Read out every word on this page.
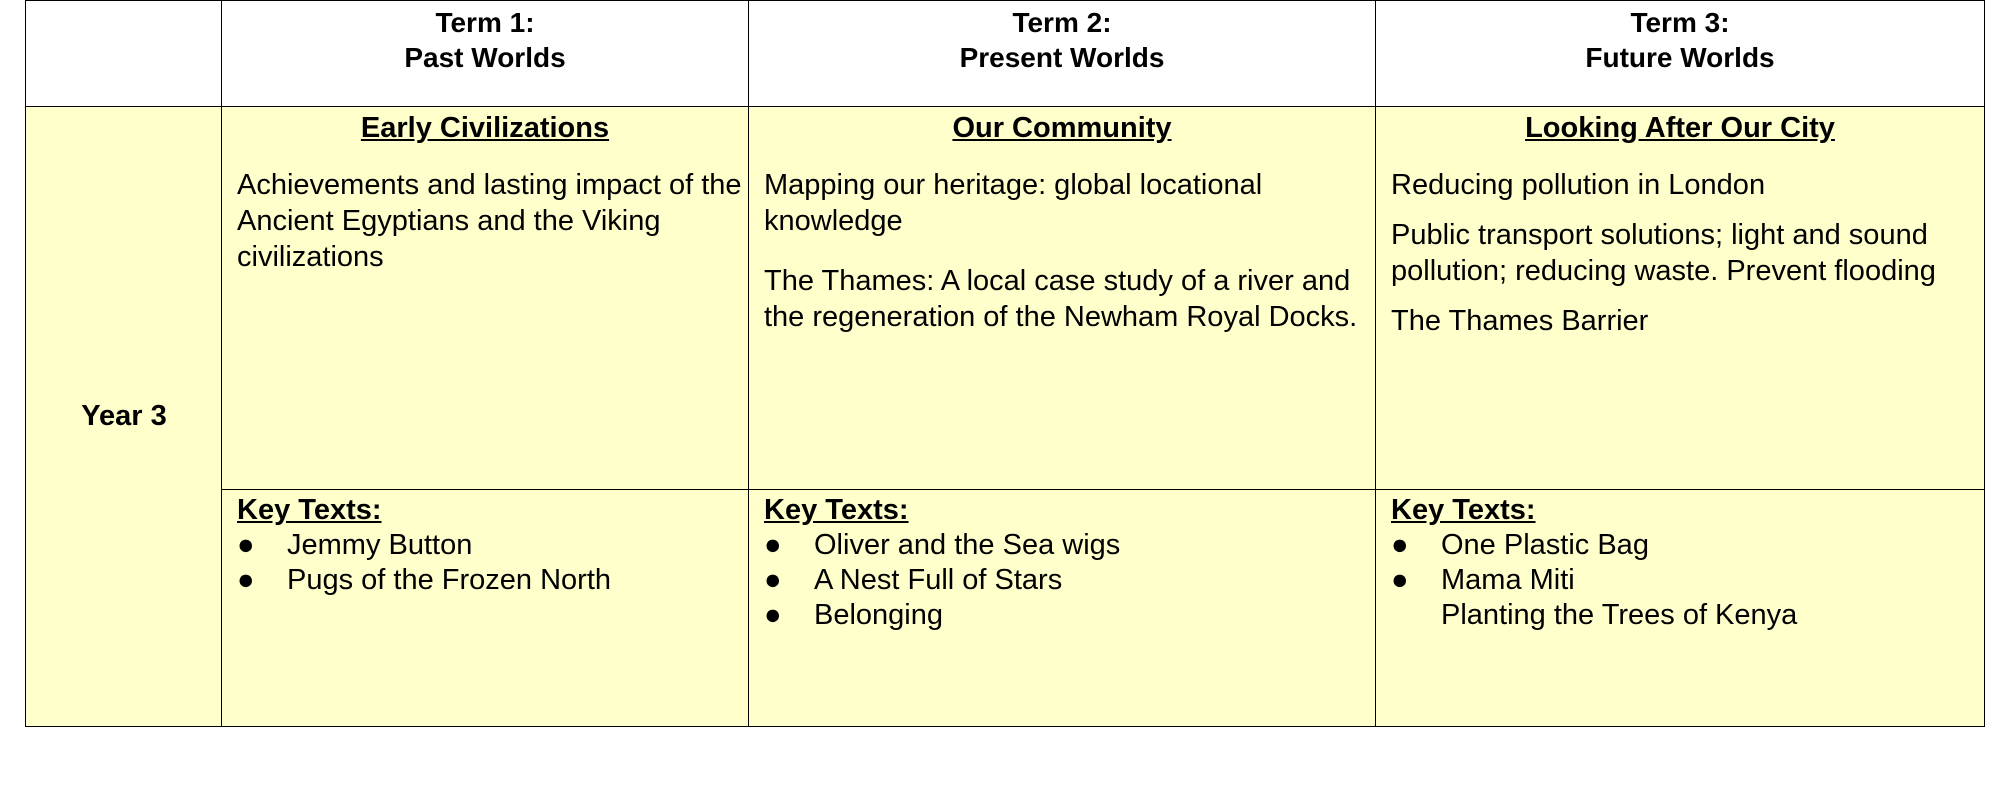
Term 1:
Past Worlds
Term 2:
Present Worlds
Term 3:
Future Worlds
Year 3

Early Civilizations

Achievements and lasting impact of the Ancient Egyptians and the Viking civilizations

Our Community

Mapping our heritage: global locational knowledge

The Thames: A local case study of a river and the regeneration of the Newham Royal Docks.

Looking After Our City

Reducing pollution in London

Public transport solutions; light and sound pollution; reducing waste. Prevent flooding

The Thames Barrier

Key Texts:

● Jemmy Button
● Pugs of the Frozen North

Key Texts:

● Oliver and the Sea wigs
● A Nest Full of Stars
● Belonging

Key Texts:

● One Plastic Bag
● Mama Miti
Planting the Trees of Kenya
